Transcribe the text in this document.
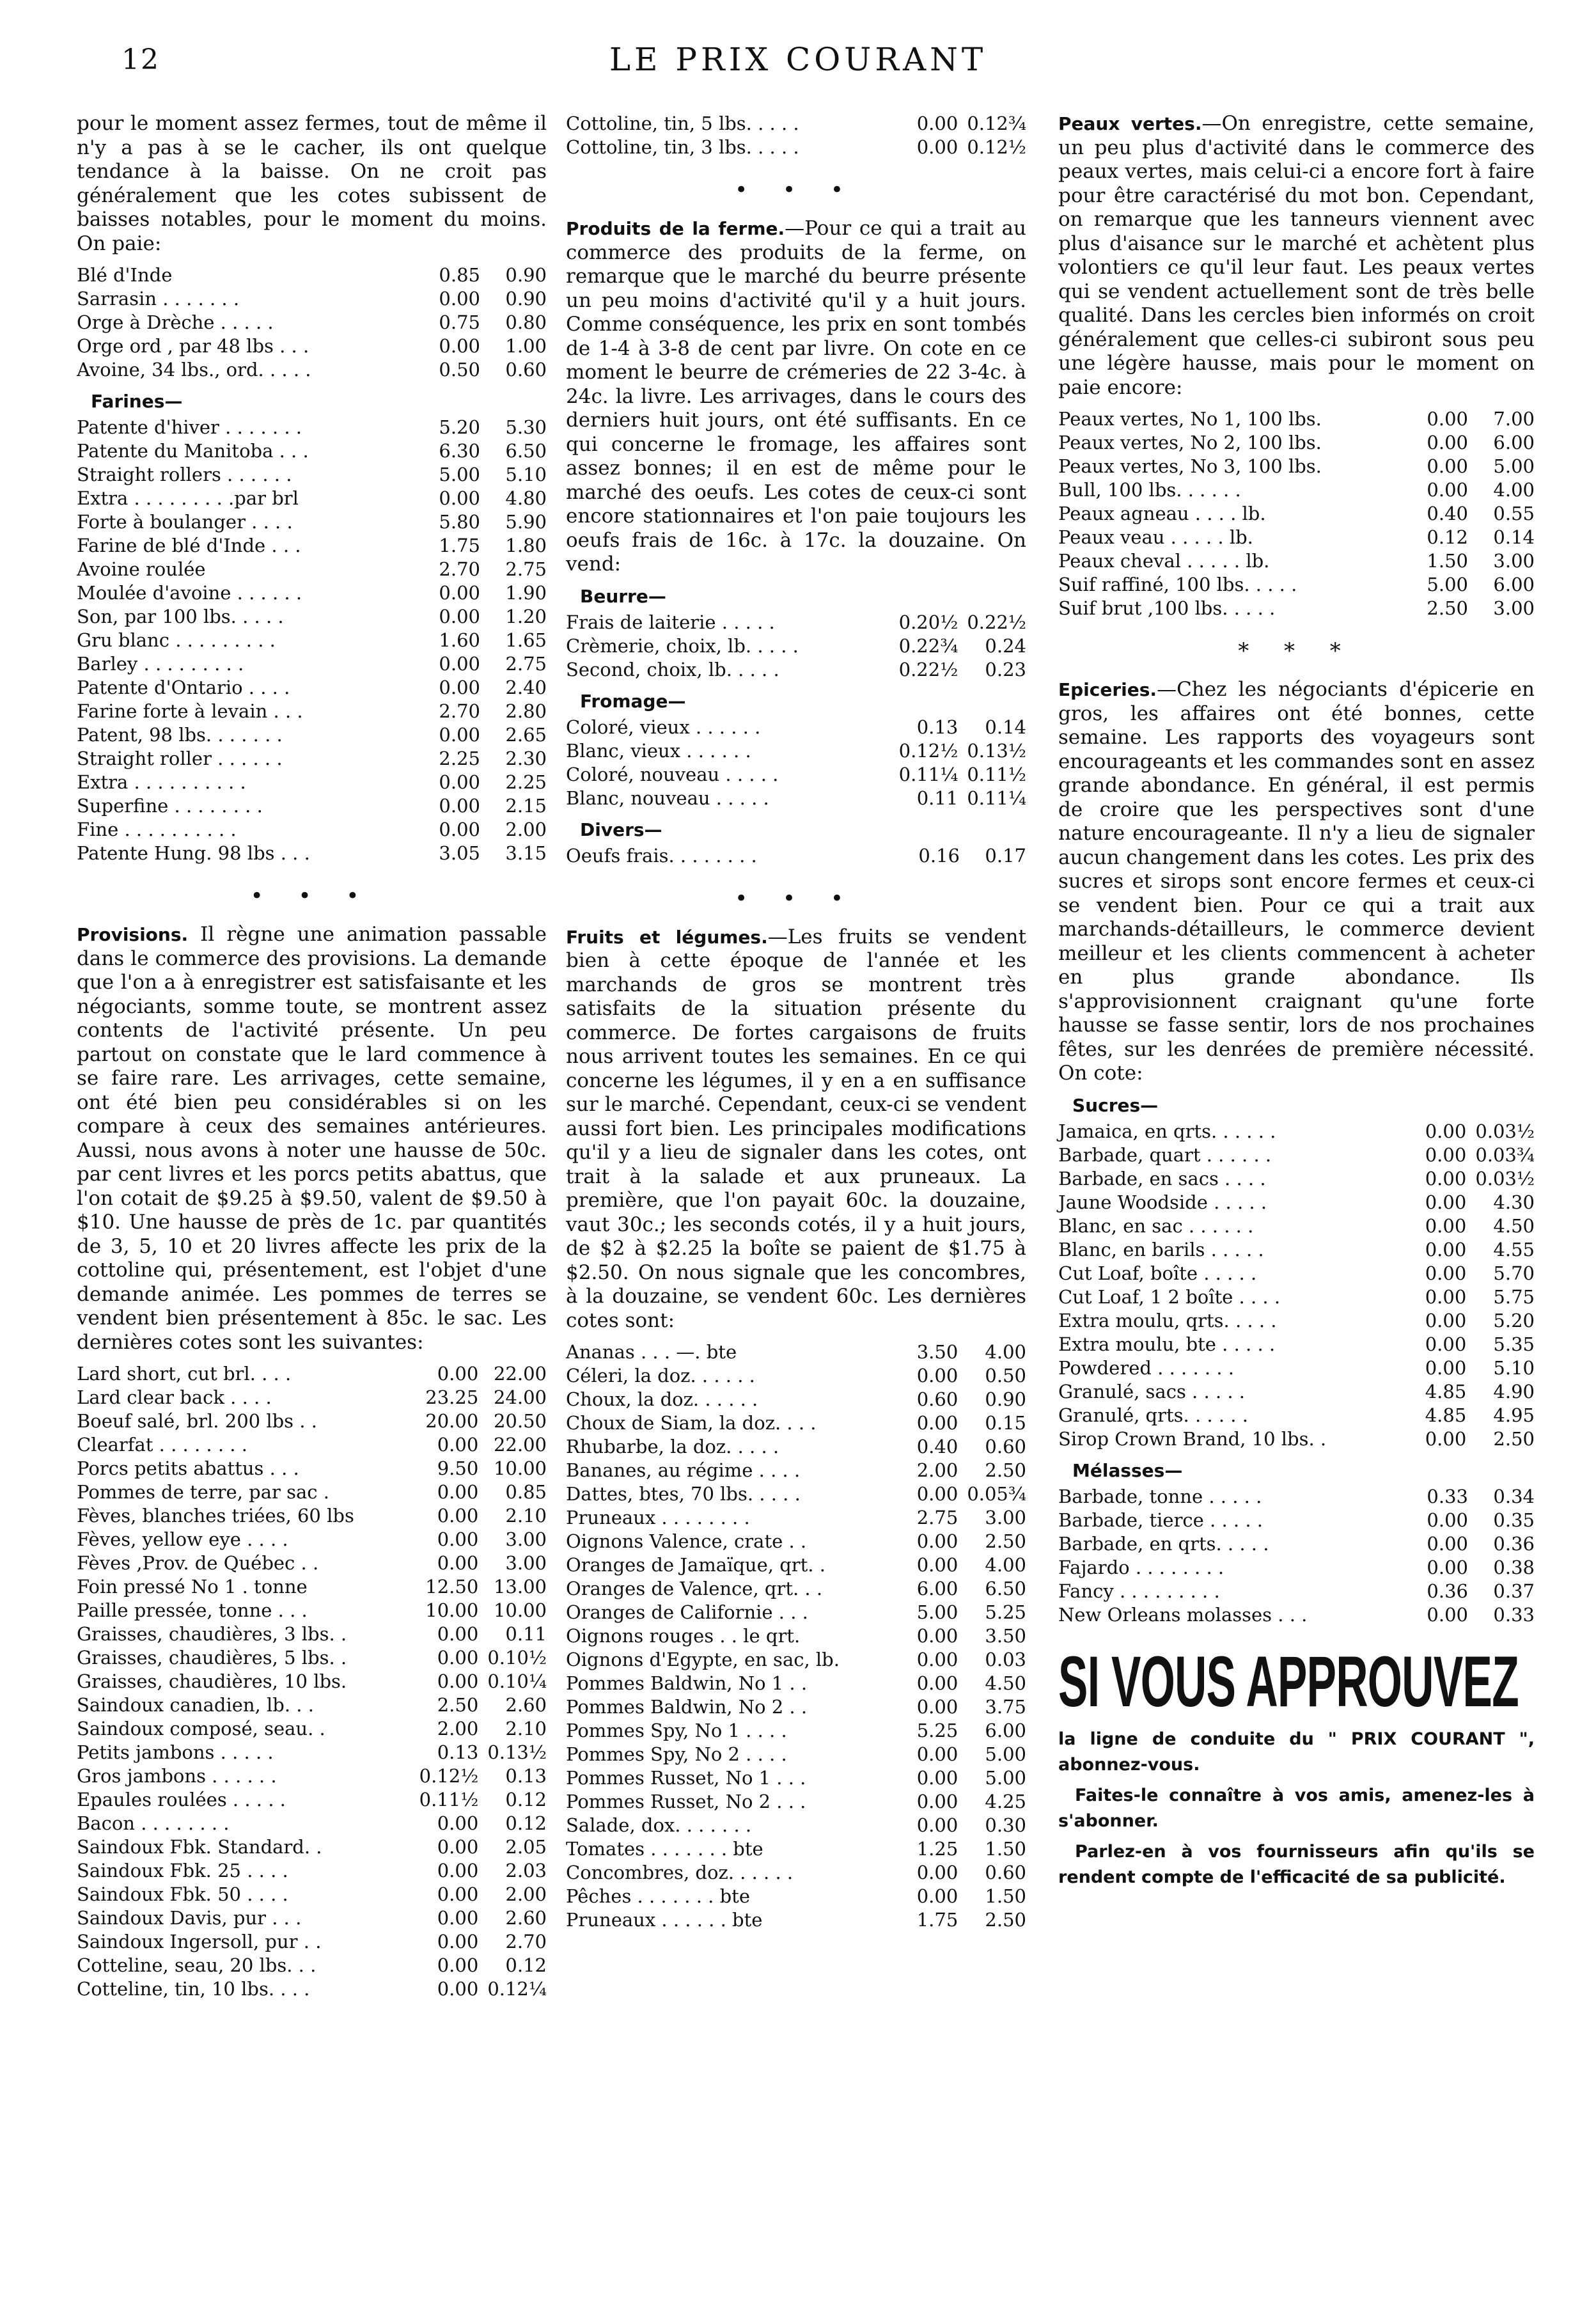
12	LE PRIX COURANT

pour le moment assez fermes, tout de même il n'y a pas à se le cacher, ils ont quelque tendance à la baisse. On ne croit pas généralement que les cotes subissent de baisses notables, pour le moment du moins. On paie:

Blé d'Inde	0.85	0.90
Sarrasin . . . . . . .	0.00	0.90
Orge à Drèche . . . . .	0.75	0.80
Orge ord , par 48 lbs . . .	0.00	1.00
Avoine, 34 lbs., ord. . . . .	0.50	0.60
Farines—
Patente d'hiver . . . . . . .	5.20	5.30
Patente du Manitoba . . .	6.30	6.50
Straight rollers . . . . . .	5.00	5.10
Extra . . . . . . . . .par brl	0.00	4.80
Forte à boulanger . . . .	5.80	5.90
Farine de blé d'Inde . . .	1.75	1.80
Avoine roulée	2.70	2.75
Moulée d'avoine . . . . . .	0.00	1.90
Son, par 100 lbs. . . . .	0.00	1.20
Gru blanc . . . . . . . . .	1.60	1.65
Barley . . . . . . . . .	0.00	2.75
Patente d'Ontario . . . .	0.00	2.40
Farine forte à levain . . .	2.70	2.80
Patent, 98 lbs. . . . . . .	0.00	2.65
Straight roller . . . . . .	2.25	2.30
Extra . . . . . . . . . .	0.00	2.25
Superfine . . . . . . . .	0.00	2.15
Fine . . . . . . . . . .	0.00	2.00
Patente Hung. 98 lbs . . .	3.05	3.15
• • •

Provisions. Il règne une animation passable dans le commerce des provisions. La demande que l'on a à enregistrer est satisfaisante et les négociants, somme toute, se montrent assez contents de l'activité présente. Un peu partout on constate que le lard commence à se faire rare. Les arrivages, cette semaine, ont été bien peu considérables si on les compare à ceux des semaines antérieures. Aussi, nous avons à noter une hausse de 50c. par cent livres et les porcs petits abattus, que l'on cotait de $9.25 à $9.50, valent de $9.50 à $10. Une hausse de près de 1c. par quantités de 3, 5, 10 et 20 livres affecte les prix de la cottoline qui, présentement, est l'objet d'une demande animée. Les pommes de terres se vendent bien présentement à 85c. le sac. Les dernières cotes sont les suivantes:

Lard short, cut brl. . . .	0.00	22.00
Lard clear back . . . .	23.25	24.00
Boeuf salé, brl. 200 lbs . .	20.00	20.50
Clearfat . . . . . . . .	0.00	22.00
Porcs petits abattus . . .	9.50	10.00
Pommes de terre, par sac .	0.00	0.85
Fèves, blanches triées, 60 lbs	0.00	2.10
Fèves, yellow eye . . . .	0.00	3.00
Fèves ,Prov. de Québec . .	0.00	3.00
Foin pressé No 1 . tonne	12.50	13.00
Paille pressée, tonne . . .	10.00	10.00
Graisses, chaudières, 3 lbs. .	0.00	0.11
Graisses, chaudières, 5 lbs. .	0.00	0.10½
Graisses, chaudières, 10 lbs.	0.00	0.10¼
Saindoux canadien, lb. . .	2.50	2.60
Saindoux composé, seau. .	2.00	2.10
Petits jambons . . . . .	0.13	0.13½
Gros jambons . . . . . .	0.12½	0.13
Epaules roulées . . . . .	0.11½	0.12
Bacon . . . . . . . .	0.00	0.12
Saindoux Fbk. Standard. .	0.00	2.05
Saindoux Fbk. 25 . . . .	0.00	2.03
Saindoux Fbk. 50 . . . .	0.00	2.00
Saindoux Davis, pur . . .	0.00	2.60
Saindoux Ingersoll, pur . .	0.00	2.70
Cotteline, seau, 20 lbs. . .	0.00	0.12
Cotteline, tin, 10 lbs. . . .	0.00	0.12¼
Cottoline, tin, 5 lbs. . . . .	0.00	0.12¾
Cottoline, tin, 3 lbs. . . . .	0.00	0.12½
• • •

Produits de la ferme.—Pour ce qui a trait au commerce des produits de la ferme, on remarque que le marché du beurre présente un peu moins d'activité qu'il y a huit jours. Comme conséquence, les prix en sont tombés de 1-4 à 3-8 de cent par livre. On cote en ce moment le beurre de crémeries de 22 3-4c. à 24c. la livre. Les arrivages, dans le cours des derniers huit jours, ont été suffisants. En ce qui concerne le fromage, les affaires sont assez bonnes; il en est de même pour le marché des oeufs. Les cotes de ceux-ci sont encore stationnaires et l'on paie toujours les oeufs frais de 16c. à 17c. la douzaine. On vend:

Beurre—
Frais de laiterie . . . . .	0.20½	0.22½
Crèmerie, choix, lb. . . . .	0.22¾	0.24
Second, choix, lb. . . . .	0.22½	0.23
Fromage—
Coloré, vieux . . . . . .	0.13	0.14
Blanc, vieux . . . . . .	0.12½	0.13½
Coloré, nouveau . . . . .	0.11¼	0.11½
Blanc, nouveau . . . . .	0.11	0.11¼
Divers—
Oeufs frais. . . . . . . .	0.16	0.17
• • •

Fruits et légumes.—Les fruits se vendent bien à cette époque de l'année et les marchands de gros se montrent très satisfaits de la situation présente du commerce. De fortes cargaisons de fruits nous arrivent toutes les semaines. En ce qui concerne les légumes, il y en a en suffisance sur le marché. Cependant, ceux-ci se vendent aussi fort bien. Les principales modifications qu'il y a lieu de signaler dans les cotes, ont trait à la salade et aux pruneaux. La première, que l'on payait 60c. la douzaine, vaut 30c.; les seconds cotés, il y a huit jours, de $2 à $2.25 la boîte se paient de $1.75 à $2.50. On nous signale que les concombres, à la douzaine, se vendent 60c. Les dernières cotes sont:

Ananas . . . —. bte	3.50	4.00
Céleri, la doz. . . . . .	0.00	0.50
Choux, la doz. . . . . .	0.60	0.90
Choux de Siam, la doz. . . .	0.00	0.15
Rhubarbe, la doz. . . . .	0.40	0.60
Bananes, au régime . . . .	2.00	2.50
Dattes, btes, 70 lbs. . . . .	0.00	0.05¾
Pruneaux . . . . . . . .	2.75	3.00
Oignons Valence, crate . .	0.00	2.50
Oranges de Jamaïque, qrt. .	0.00	4.00
Oranges de Valence, qrt. . .	6.00	6.50
Oranges de Californie . . .	5.00	5.25
Oignons rouges . . le qrt.	0.00	3.50
Oignons d'Egypte, en sac, lb.	0.00	0.03
Pommes Baldwin, No 1 . .	0.00	4.50
Pommes Baldwin, No 2 . .	0.00	3.75
Pommes Spy, No 1 . . . .	5.25	6.00
Pommes Spy, No 2 . . . .	0.00	5.00
Pommes Russet, No 1 . . .	0.00	5.00
Pommes Russet, No 2 . . .	0.00	4.25
Salade, dox. . . . . . .	0.00	0.30
Tomates . . . . . . . bte	1.25	1.50
Concombres, doz. . . . . .	0.00	0.60
Pêches . . . . . . . bte	0.00	1.50
Pruneaux . . . . . . bte	1.75	2.50

Peaux vertes.—On enregistre, cette semaine, un peu plus d'activité dans le commerce des peaux vertes, mais celui-ci a encore fort à faire pour être caractérisé du mot bon. Cependant, on remarque que les tanneurs viennent avec plus d'aisance sur le marché et achètent plus volontiers ce qu'il leur faut. Les peaux vertes qui se vendent actuellement sont de très belle qualité. Dans les cercles bien informés on croit généralement que celles-ci subiront sous peu une légère hausse, mais pour le moment on paie encore:

Peaux vertes, No 1, 100 lbs.	0.00	7.00
Peaux vertes, No 2, 100 lbs.	0.00	6.00
Peaux vertes, No 3, 100 lbs.	0.00	5.00
Bull, 100 lbs. . . . . .	0.00	4.00
Peaux agneau . . . . lb.	0.40	0.55
Peaux veau . . . . . lb.	0.12	0.14
Peaux cheval . . . . . lb.	1.50	3.00
Suif raffiné, 100 lbs. . . . .	5.00	6.00
Suif brut ,100 lbs. . . . .	2.50	3.00
* * *

Epiceries.—Chez les négociants d'épicerie en gros, les affaires ont été bonnes, cette semaine. Les rapports des voyageurs sont encourageants et les commandes sont en assez grande abondance. En général, il est permis de croire que les perspectives sont d'une nature encourageante. Il n'y a lieu de signaler aucun changement dans les cotes. Les prix des sucres et sirops sont encore fermes et ceux-ci se vendent bien. Pour ce qui a trait aux marchands-détailleurs, le commerce devient meilleur et les clients commencent à acheter en plus grande abondance. Ils s'approvisionnent craignant qu'une forte hausse se fasse sentir, lors de nos prochaines fêtes, sur les denrées de première nécessité. On cote:

Sucres—
Jamaica, en qrts. . . . . .	0.00	0.03½
Barbade, quart . . . . . .	0.00	0.03¾
Barbade, en sacs . . . .	0.00	0.03½
Jaune Woodside . . . . .	0.00	4.30
Blanc, en sac . . . . . .	0.00	4.50
Blanc, en barils . . . . .	0.00	4.55
Cut Loaf, boîte . . . . .	0.00	5.70
Cut Loaf, 1 2 boîte . . . .	0.00	5.75
Extra moulu, qrts. . . . .	0.00	5.20
Extra moulu, bte . . . . .	0.00	5.35
Powdered . . . . . . .	0.00	5.10
Granulé, sacs . . . . .	4.85	4.90
Granulé, qrts. . . . . .	4.85	4.95
Sirop Crown Brand, 10 lbs. .	0.00	2.50
Mélasses—
Barbade, tonne . . . . .	0.33	0.34
Barbade, tierce . . . . .	0.00	0.35
Barbade, en qrts. . . . .	0.00	0.36
Fajardo . . . . . . . .	0.00	0.38
Fancy . . . . . . . . .	0.36	0.37
New Orleans molasses . . .	0.00	0.33
SI VOUS APPROUVEZ

la ligne de conduite du " PRIX COURANT ", abonnez-vous.

Faites-le connaître à vos amis, amenez-les à s'abonner.

Parlez-en à vos fournisseurs afin qu'ils se rendent compte de l'efficacité de sa publicité.
